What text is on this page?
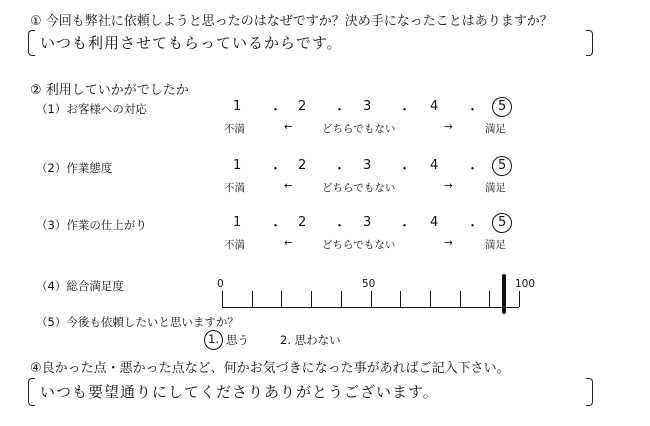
① 今回も弊社に依頼しようと思ったのはなぜですか？決め手になったことはありますか？
いつも利用させてもらっているからです。
② 利用していかがでしたか
（1）お客様への対応	1 ・ 2 ・ 3 ・ 4 ・ 5
不満	←	どちらでもない	→	満足
（2）作業態度	1 ・ 2 ・ 3 ・ 4 ・ 5
不満	←	どちらでもない	→	満足
（3）作業の仕上がり	1 ・ 2 ・ 3 ・ 4 ・ 5
不満	←	どちらでもない	→	満足
（4）総合満足度	0	50	100
（5）今後も依頼したいと思いますか？
1. 思う	2. 思わない
④良かった点・悪かった点など、何かお気づきになった事があればご記入下さい。
いつも要望通りにしてくださりありがとうございます。
